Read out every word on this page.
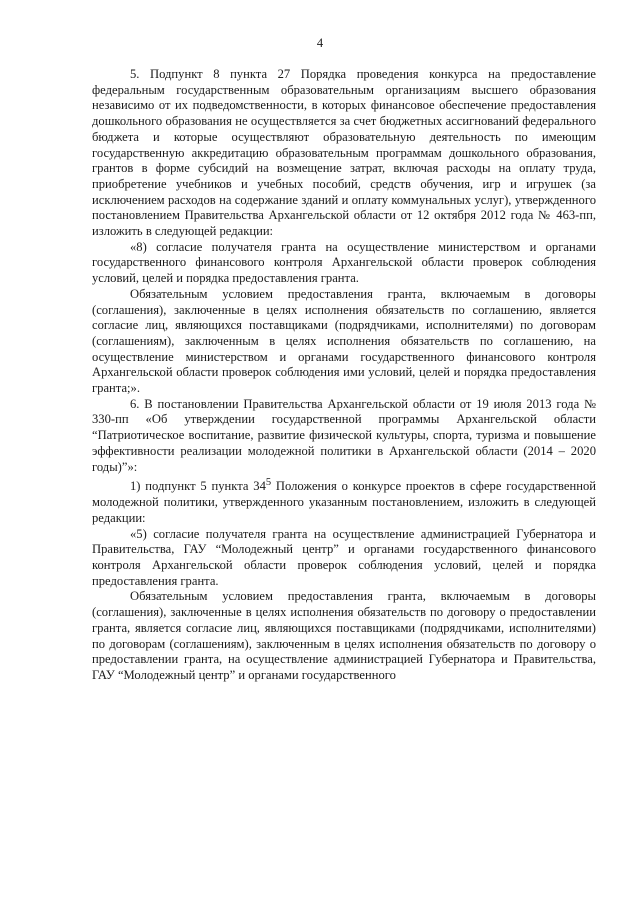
4

5. Подпункт 8 пункта 27 Порядка проведения конкурса на предоставление федеральным государственным образовательным организациям высшего образования независимо от их подведомственности, в которых финансовое обеспечение предоставления дошкольного образования не осуществляется за счет бюджетных ассигнований федерального бюджета и которые осуществляют образовательную деятельность по имеющим государственную аккредитацию образовательным программам дошкольного образования, грантов в форме субсидий на возмещение затрат, включая расходы на оплату труда, приобретение учебников и учебных пособий, средств обучения, игр и игрушек (за исключением расходов на содержание зданий и оплату коммунальных услуг), утвержденного постановлением Правительства Архангельской области от 12 октября 2012 года № 463-пп, изложить в следующей редакции:

«8) согласие получателя гранта на осуществление министерством и органами государственного финансового контроля Архангельской области проверок соблюдения условий, целей и порядка предоставления гранта.

Обязательным условием предоставления гранта, включаемым в договоры (соглашения), заключенные в целях исполнения обязательств по соглашению, является согласие лиц, являющихся поставщиками (подрядчиками, исполнителями) по договорам (соглашениям), заключенным в целях исполнения обязательств по соглашению, на осуществление министерством и органами государственного финансового контроля Архангельской области проверок соблюдения ими условий, целей и порядка предоставления гранта;».

6. В постановлении Правительства Архангельской области от 19 июля 2013 года № 330-пп «Об утверждении государственной программы Архангельской области “Патриотическое воспитание, развитие физической культуры, спорта, туризма и повышение эффективности реализации молодежной политики в Архангельской области (2014 – 2020 годы)”»:

1) подпункт 5 пункта $34^5$ Положения о конкурсе проектов в сфере государственной молодежной политики, утвержденного указанным постановлением, изложить в следующей редакции:

«5) согласие получателя гранта на осуществление администрацией Губернатора и Правительства, ГАУ “Молодежный центр” и органами государственного финансового контроля Архангельской области проверок соблюдения условий, целей и порядка предоставления гранта.

Обязательным условием предоставления гранта, включаемым в договоры (соглашения), заключенные в целях исполнения обязательств по договору о предоставлении гранта, является согласие лиц, являющихся поставщиками (подрядчиками, исполнителями) по договорам (соглашениям), заключенным в целях исполнения обязательств по договору о предоставлении гранта, на осуществление администрацией Губернатора и Правительства, ГАУ “Молодежный центр” и органами государственного
